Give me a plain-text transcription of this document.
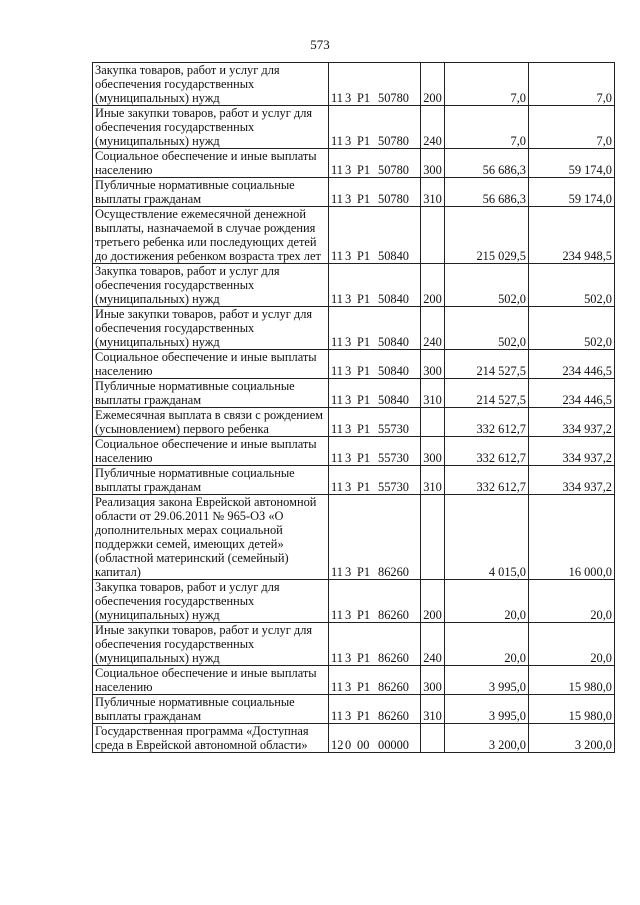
573
Закупка товаров, работ и услуг для обеспечения государственных (муниципальных) нужд	11 3 Р1 50780	200	7,0	7,0
Иные закупки товаров, работ и услуг для обеспечения государственных (муниципальных) нужд	11 3 Р1 50780	240	7,0	7,0
Социальное обеспечение и иные выплаты населению	11 3 Р1 50780	300	56 686,3	59 174,0
Публичные нормативные социальные выплаты гражданам	11 3 Р1 50780	310	56 686,3	59 174,0
Осуществление ежемесячной денежной выплаты, назначаемой в случае рождения третьего ребенка или последующих детей до достижения ребенком возраста трех лет	11 3 Р1 50840		215 029,5	234 948,5
Закупка товаров, работ и услуг для обеспечения государственных (муниципальных) нужд	11 3 Р1 50840	200	502,0	502,0
Иные закупки товаров, работ и услуг для обеспечения государственных (муниципальных) нужд	11 3 Р1 50840	240	502,0	502,0
Социальное обеспечение и иные выплаты населению	11 3 Р1 50840	300	214 527,5	234 446,5
Публичные нормативные социальные выплаты гражданам	11 3 Р1 50840	310	214 527,5	234 446,5
Ежемесячная выплата в связи с рождением (усыновлением) первого ребенка	11 3 Р1 55730		332 612,7	334 937,2
Социальное обеспечение и иные выплаты населению	11 3 Р1 55730	300	332 612,7	334 937,2
Публичные нормативные социальные выплаты гражданам	11 3 Р1 55730	310	332 612,7	334 937,2
Реализация закона Еврейской автономной области от 29.06.2011 № 965-ОЗ «О дополнительных мерах социальной поддержки семей, имеющих детей» (областной материнский (семейный) капитал)	11 3 Р1 86260		4 015,0	16 000,0
Закупка товаров, работ и услуг для обеспечения государственных (муниципальных) нужд	11 3 Р1 86260	200	20,0	20,0
Иные закупки товаров, работ и услуг для обеспечения государственных (муниципальных) нужд	11 3 Р1 86260	240	20,0	20,0
Социальное обеспечение и иные выплаты населению	11 3 Р1 86260	300	3 995,0	15 980,0
Публичные нормативные социальные выплаты гражданам	11 3 Р1 86260	310	3 995,0	15 980,0
Государственная программа «Доступная среда в Еврейской автономной области»	12 0 00 00000		3 200,0	3 200,0
